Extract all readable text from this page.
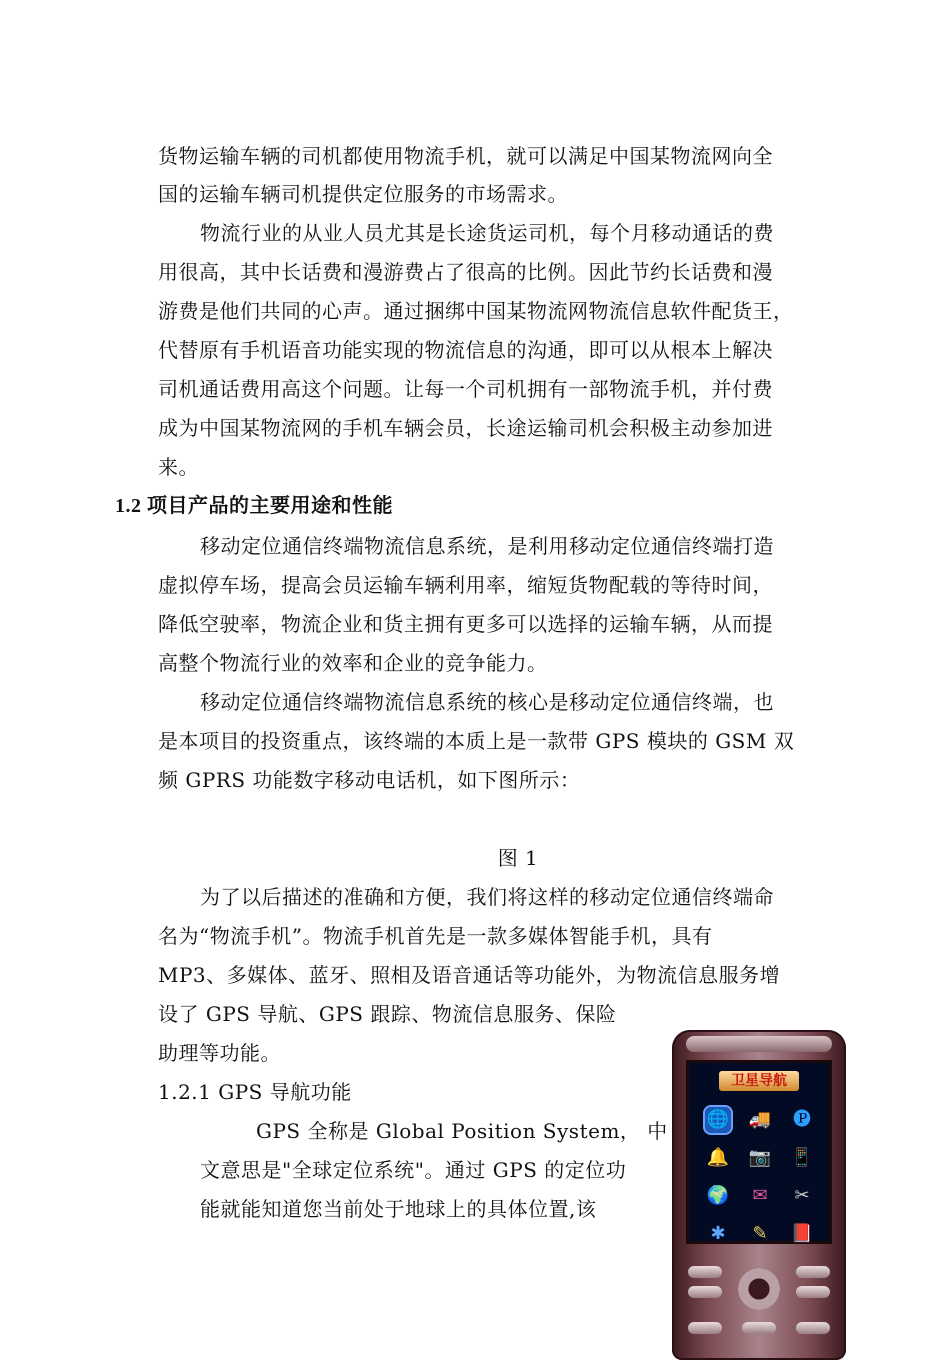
货物运输车辆的司机都使用物流手机，就可以满足中国某物流网向全
国的运输车辆司机提供定位服务的市场需求。
物流行业的从业人员尤其是长途货运司机，每个月移动通话的费
用很高，其中长话费和漫游费占了很高的比例。因此节约长话费和漫
游费是他们共同的心声。通过捆绑中国某物流网物流信息软件配货王，
代替原有手机语音功能实现的物流信息的沟通，即可以从根本上解决
司机通话费用高这个问题。让每一个司机拥有一部物流手机，并付费
成为中国某物流网的手机车辆会员，长途运输司机会积极主动参加进
来。
1.2 项目产品的主要用途和性能
移动定位通信终端物流信息系统，是利用移动定位通信终端打造
虚拟停车场，提高会员运输车辆利用率，缩短货物配载的等待时间，
降低空驶率，物流企业和货主拥有更多可以选择的运输车辆，从而提
高整个物流行业的效率和企业的竞争能力。
移动定位通信终端物流信息系统的核心是移动定位通信终端，也
是本项目的投资重点，该终端的本质上是一款带 GPS 模块的 GSM 双
频 GPRS 功能数字移动电话机，如下图所示：
图 1
为了以后描述的准确和方便，我们将这样的移动定位通信终端命
名为“物流手机”。物流手机首先是一款多媒体智能手机，具有
MP3、多媒体、蓝牙、照相及语音通话等功能外，为物流信息服务增
设了 GPS 导航、GPS 跟踪、物流信息服务、保险
助理等功能。
1.2.1 GPS 导航功能
GPS 全称是 Global Position System， 中
文意思是"全球定位系统"。通过 GPS 的定位功
能就能知道您当前处于地球上的具体位置,该
卫星导航
🌐 🚚 🅟
🔔 📷 📱
🌍	✉	✂
✱	✎	📕
